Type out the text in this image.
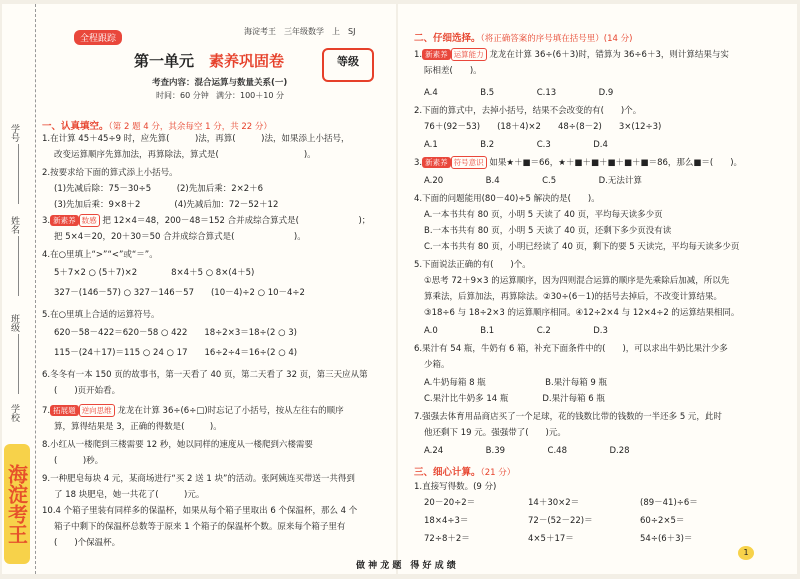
学号
姓名
班级
学校
海淀考王
全程跟踪
海淀考王　三年级数学　上　SJ
第一单元　 素养巩固卷	等级
考查内容：混合运算与数量关系(一)
时间：60 分钟 满分：100＋10 分
一、认真填空。（第 2 题 4 分，其余每空 1 分，共 22 分）
1.在计算 45＋45÷9 时，应先算(　　　)法，再算(　　　)法，如果添上小括号，
改变运算顺序先算加法，再算除法，算式是(　　　　　　　　　　)。
2.按要求给下面的算式添上小括号。
(1)先减后除：75－30÷5　　　(2)先加后乘：2×2＋6
(3)先加后乘：9×8＋2　　　　(4)先减后加：72－52＋12
3. 新素养 数感 把 12×4＝48，200－48＝152 合并成综合算式是(　　　　　　　)；
把 5×4＝20，20＋30＝50 合并成综合算式是(　　　　　　　)。
4.在○里填上“>”“<”或“＝”。
5＋7×2 ○ (5＋7)×2　　　　8×4＋5 ○ 8×(4＋5)
327－(146－57) ○ 327－146－57　　(10－4)÷2 ○ 10－4÷2
5.在○里填上合适的运算符号。
620－58－422＝620－58 ○ 422　　18÷2×3＝18÷(2 ○ 3)
115－(24＋17)＝115 ○ 24 ○ 17　　16÷2÷4＝16÷(2 ○ 4)
6.冬冬有一本 150 页的故事书，第一天看了 40 页，第二天看了 32 页，第三天应从第
(　　)页开始看。
7. 拓展题 逆向思维 龙龙在计算 36÷(6÷□)时忘记了小括号，按从左往右的顺序
算，算得结果是 3，正确的得数是(　　　)。
8.小红从一楼爬到三楼需要 12 秒，她以同样的速度从一楼爬到六楼需要
(　　　)秒。
9.一种肥皂每块 4 元，某商场进行“买 2 送 1 块”的活动。张阿姨连买带送一共得到
了 18 块肥皂，她一共花了(　　　)元。
10.4 个箱子里装有同样多的保温杯，如果从每个箱子里取出 6 个保温杯，那么 4 个
箱子中剩下的保温杯总数等于原来 1 个箱子的保温杯个数。原来每个箱子里有
(　　)个保温杯。
二、仔细选择。（将正确答案的序号填在括号里）(14 分)
1. 新素养 运算能力 龙龙在计算 36÷(6＋3)时，错算为 36÷6＋3，则计算结果与实
际相差(　　)。
A.4　　　　　B.5　　　　　C.13　　　　　D.9
2.下面的算式中，去掉小括号，结果不会改变的有(　　)个。
76＋(92－53)　　(18＋4)×2　　48÷(8－2)　　3×(12÷3)
A.1　　　　　B.2　　　　　C.3　　　　　D.4
3. 新素养 符号意识 如果★＋■＝66，★＋■＋■＋■＋■＋■＝86，那么■＝(　　)。
A.20　　　　　B.4　　　　　C.5　　　　　D.无法计算
4.下面的问题能用(80－40)÷5 解决的是(　　)。
A.一本书共有 80 页，小明 5 天读了 40 页，平均每天读多少页
B.一本书共有 80 页，小明 5 天读了 40 页，还剩下多少页没有读
C.一本书共有 80 页，小明已经读了 40 页，剩下的要 5 天读完，平均每天读多少页
5.下面说法正确的有(　　)个。
①思考 72＋9×3 的运算顺序，因为四则混合运算的顺序是先乘除后加减，所以先
算乘法，后算加法，再算除法。②30÷(6－1)的括号去掉后，不改变计算结果。
③18÷6 与 18÷2×3 的运算顺序相同。④12÷2×4 与 12×4÷2 的运算结果相同。
A.0　　　　　B.1　　　　　C.2　　　　　D.3
6.果汁有 54 瓶，牛奶有 6 箱，补充下面条件中的(　　)，可以求出牛奶比果汁少多
少箱。
A.牛奶每箱 8 瓶　　　　　　　B.果汁每箱 9 瓶
C.果汁比牛奶多 14 瓶　　　　D.果汁每箱 6 瓶
7.强强去体育用品商店买了一个足球，花的钱数比带的钱数的一半还多 5 元，此时
他还剩下 19 元。强强带了(　　)元。
A.24　　　　　B.39　　　　　C.48　　　　　D.28
三、细心计算。（21 分）
1.直接写得数。(9 分)
20－20÷2＝	14＋30×2＝	(89－41)÷6＝
18×4÷3＝	72－(52－22)＝	60÷2×5＝
72÷8＋2＝	4×5＋17＝	54÷(6＋3)＝
1
做 神 龙 题　得 好 成 绩
